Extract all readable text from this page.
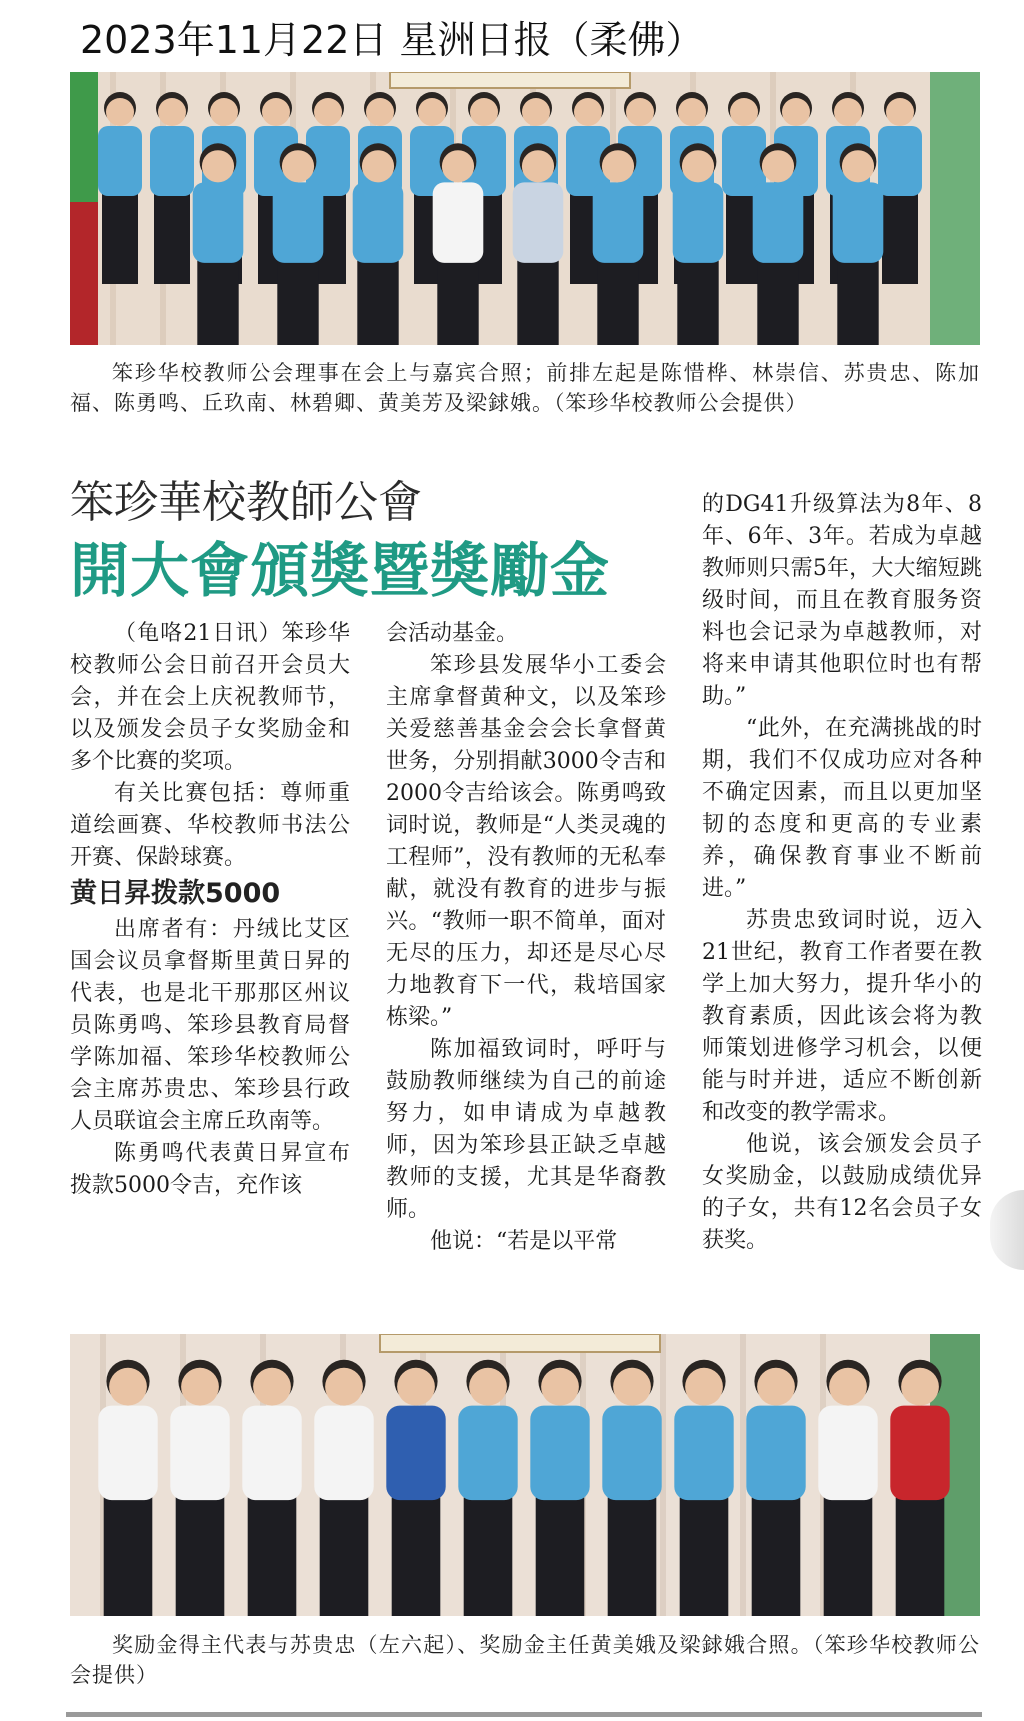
2023年11月22日 星洲日报（柔佛）
笨珍华校教师公会理事在会上与嘉宾合照；前排左起是陈惜桦、林崇信、苏贵忠、陈加福、陈勇鸣、丘玖南、林碧卿、黄美芳及梁銶娥。（笨珍华校教师公会提供）
笨珍華校教師公會
開大會頒獎暨獎勵金

（龟咯21日讯）笨珍华校教师公会日前召开会员大会，并在会上庆祝教师节，以及颁发会员子女奖励金和多个比赛的奖项。

有关比赛包括：尊师重道绘画赛、华校教师书法公开赛、保龄球赛。

黄日昇拨款5000

出席者有：丹绒比艾区国会议员拿督斯里黄日昇的代表，也是北干那那区州议员陈勇鸣、笨珍县教育局督学陈加福、笨珍华校教师公会主席苏贵忠、笨珍县行政人员联谊会主席丘玖南等。

陈勇鸣代表黄日昇宣布拨款5000令吉，充作该

会活动基金。

笨珍县发展华小工委会主席拿督黄种文，以及笨珍关爱慈善基金会会长拿督黄世务，分别捐献3000令吉和2000令吉给该会。陈勇鸣致词时说，教师是“人类灵魂的工程师”，没有教师的无私奉献，就没有教育的进步与振兴。“教师一职不简单，面对无尽的压力，却还是尽心尽力地教育下一代，栽培国家栋梁。”

陈加福致词时，呼吁与鼓励教师继续为自己的前途努力，如申请成为卓越教师，因为笨珍县正缺乏卓越教师的支援，尤其是华裔教师。

他说：“若是以平常

的DG41升级算法为8年、8年、6年、3年。若成为卓越教师则只需5年，大大缩短跳级时间，而且在教育服务资料也会记录为卓越教师，对将来申请其他职位时也有帮助。”

“此外，在充满挑战的时期，我们不仅成功应对各种不确定因素，而且以更加坚韧的态度和更高的专业素养，确保教育事业不断前进。”

苏贵忠致词时说，迈入21世纪，教育工作者要在教学上加大努力，提升华小的教育素质，因此该会将为教师策划进修学习机会，以便能与时并进，适应不断创新和改变的教学需求。

他说，该会颁发会员子女奖励金，以鼓励成绩优异的子女，共有12名会员子女获奖。

奖励金得主代表与苏贵忠（左六起）、奖励金主任黄美娥及梁銶娥合照。（笨珍华校教师公会提供）
